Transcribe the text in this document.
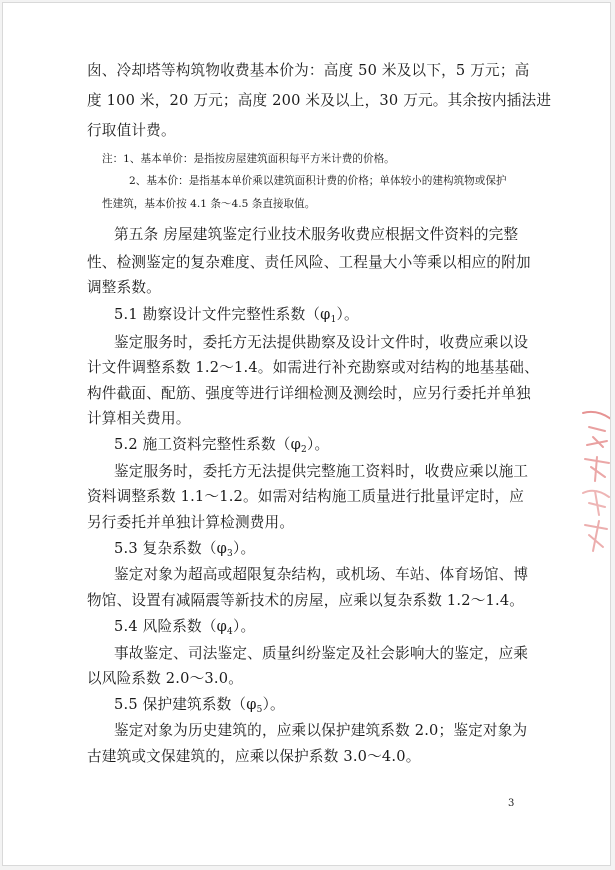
囱、冷却塔等构筑物收费基本价为：高度 50 米及以下，5 万元；高
度 100 米，20 万元；高度 200 米及以上，30 万元。其余按内插法进
行取值计费。
注：1、基本单价：是指按房屋建筑面积每平方米计费的价格。
2、基本价：是指基本单价乘以建筑面积计费的价格；单体较小的建构筑物或保护
性建筑，基本价按 4.1 条～4.5 条直接取值。
第五条 房屋建筑鉴定行业技术服务收费应根据文件资料的完整
性、检测鉴定的复杂难度、责任风险、工程量大小等乘以相应的附加
调整系数。
5.1 勘察设计文件完整性系数$(\varphi_1)$。
鉴定服务时，委托方无法提供勘察及设计文件时，收费应乘以设
计文件调整系数 1.2～1.4。如需进行补充勘察或对结构的地基基础、
构件截面、配筋、强度等进行详细检测及测绘时，应另行委托并单独
计算相关费用。
5.2 施工资料完整性系数$(\varphi_2)$。
鉴定服务时，委托方无法提供完整施工资料时，收费应乘以施工
资料调整系数 1.1～1.2。如需对结构施工质量进行批量评定时，应
另行委托并单独计算检测费用。
5.3 复杂系数$(\varphi_3)$。
鉴定对象为超高或超限复杂结构，或机场、车站、体育场馆、博
物馆、设置有减隔震等新技术的房屋，应乘以复杂系数 1.2～1.4。
5.4 风险系数$(\varphi_4)$。
事故鉴定、司法鉴定、质量纠纷鉴定及社会影响大的鉴定，应乘
以风险系数 2.0～3.0。
5.5 保护建筑系数$(\varphi_5)$。
鉴定对象为历史建筑的，应乘以保护建筑系数 2.0；鉴定对象为
古建筑或文保建筑的，应乘以保护系数 3.0～4.0。
3
